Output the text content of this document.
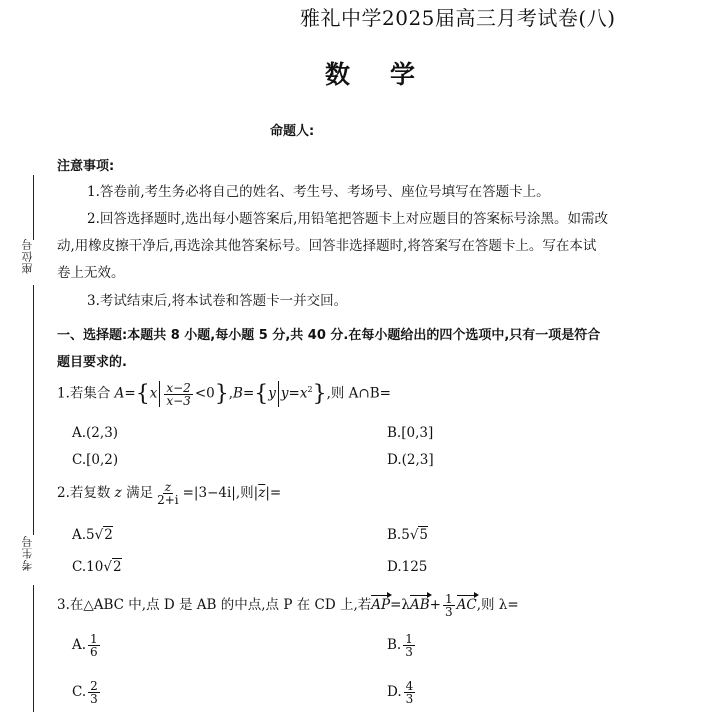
座位号
考生号
雅礼中学2025届高三月考试卷(八)
数 学
命题人:
注意事项:
1.答卷前,考生务必将自己的姓名、考生号、考场号、座位号填写在答题卡上。
2.回答选择题时,选出每小题答案后,用铅笔把答题卡上对应题目的答案标号涂黑。如需改
动,用橡皮擦干净后,再选涂其他答案标号。回答非选择题时,将答案写在答题卡上。写在本试
卷上无效。
3.考试结束后,将本试卷和答题卡一并交回。
一、选择题:本题共 8 小题,每小题 5 分,共 40 分.在每小题给出的四个选项中,只有一项是符合
题目要求的.
1.若集合 $A=\{x \frac{x-2}{x-3} <0\},B=\{y$ $y=x^2$},则 A∩B=
A.(2,3)	B.[0,3]
C.[0,2)	D.(2,3]
2.若复数 z 满足 $\frac{z}{2+i} =|3-4i|$,则$|\overline{z}|=$
A.5√2	B.5√5
C.10√2	D.125
3.在△ABC 中,点 D 是 AB 的中点,点 P 在 CD 上,若$AP=\lambda AB+ \frac{1}{3}$ AC,则 λ=
A. $\frac{1}{6}$	B. $\frac{1}{3}$
C. $\frac{2}{3}$	D. $\frac{4}{3}$
